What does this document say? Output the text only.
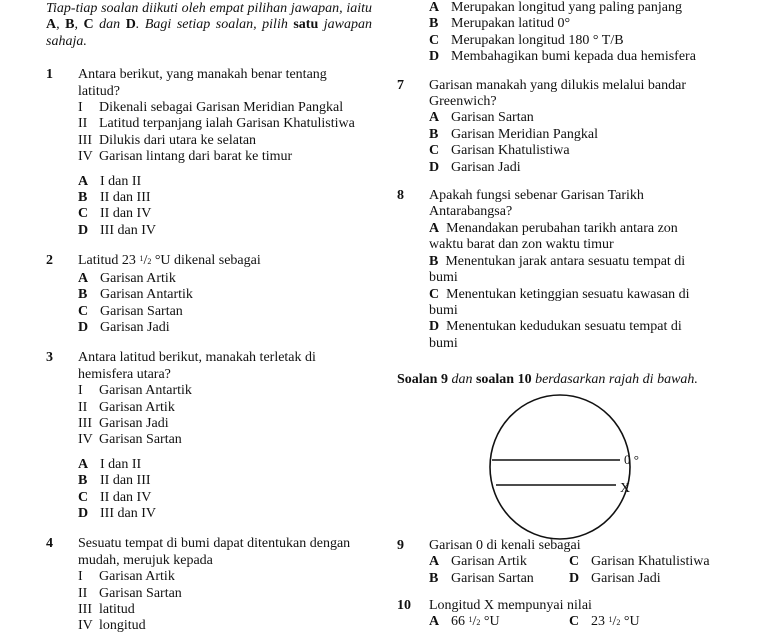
Tiap-tiap soalan diikuti oleh empat pilihan jawapan, iaitu A, B, C dan D. Bagi setiap soalan, pilih satu jawapan sahaja.

1 Antara berikut, yang manakah benar tentang latitud?
I Dikenali sebagai Garisan Meridian Pangkal
II Latitud terpanjang ialah Garisan Khatulistiwa
III Dilukis dari utara ke selatan
IV Garisan lintang dari barat ke timur
A I dan II
B II dan III
C II dan IV
D III dan IV
2 Latitud 23 $^1$/2 °U dikenal sebagai
A Garisan Artik
B Garisan Antartik
C Garisan Sartan
D Garisan Jadi
3 Antara latitud berikut, manakah terletak di hemisfera utara?
I Garisan Antartik
II Garisan Artik
III Garisan Jadi
IV Garisan Sartan
A I dan II
B II dan III
C II dan IV
D III dan IV
4 Sesuatu tempat di bumi dapat ditentukan dengan mudah, merujuk kepada
I Garisan Artik
II Garisan Sartan
III latitud
IV longitud
A Merupakan longitud yang paling panjang
B Merupakan latitud 0°
C Merupakan longitud 180 ° T/B
D Membahagikan bumi kepada dua hemisfera
7 Garisan manakah yang dilukis melalui bandar Greenwich?
A Garisan Sartan
B Garisan Meridian Pangkal
C Garisan Khatulistiwa
D Garisan Jadi
8 Apakah fungsi sebenar Garisan Tarikh Antarabangsa?
A Menandakan perubahan tarikh antara zon waktu barat dan zon waktu timur
B Menentukan jarak antara sesuatu tempat di bumi
C Menentukan ketinggian sesuatu kawasan di bumi
D Menentukan kedudukan sesuatu tempat di bumi

Soalan 9 dan soalan 10 berdasarkan rajah di bawah.

9 Garisan 0 di kenali sebagai
A Garisan Artik	C Garisan Khatulistiwa
B Garisan Sartan	D Garisan Jadi
10 Longitud X mempunyai nilai
A 66 $^1$/2 °U	C 23 $^1$/2 °U
0 °
X
